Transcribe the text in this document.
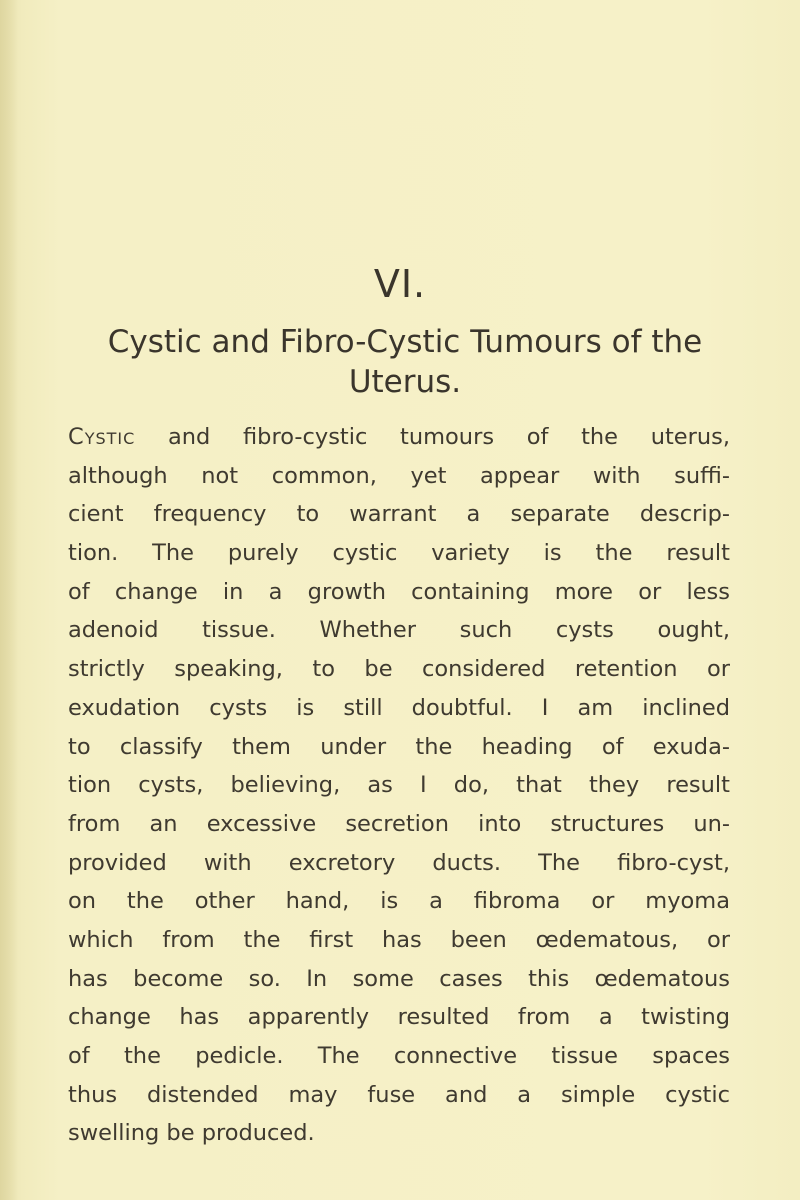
VI.
Cystic and Fibro-Cystic Tumours of the Uterus.
Cystic and fibro-cystic tumours of the uterus,
although not common, yet appear with suffi-
cient frequency to warrant a separate descrip-
tion. The purely cystic variety is the result
of change in a growth containing more or less
adenoid tissue. Whether such cysts ought,
strictly speaking, to be considered retention or
exudation cysts is still doubtful. I am inclined
to classify them under the heading of exuda-
tion cysts, believing, as I do, that they result
from an excessive secretion into structures un-
provided with excretory ducts. The fibro-cyst,
on the other hand, is a fibroma or myoma
which from the first has been œdematous, or
has become so. In some cases this œdematous
change has apparently resulted from a twisting
of the pedicle. The connective tissue spaces
thus distended may fuse and a simple cystic
swelling be produced.
